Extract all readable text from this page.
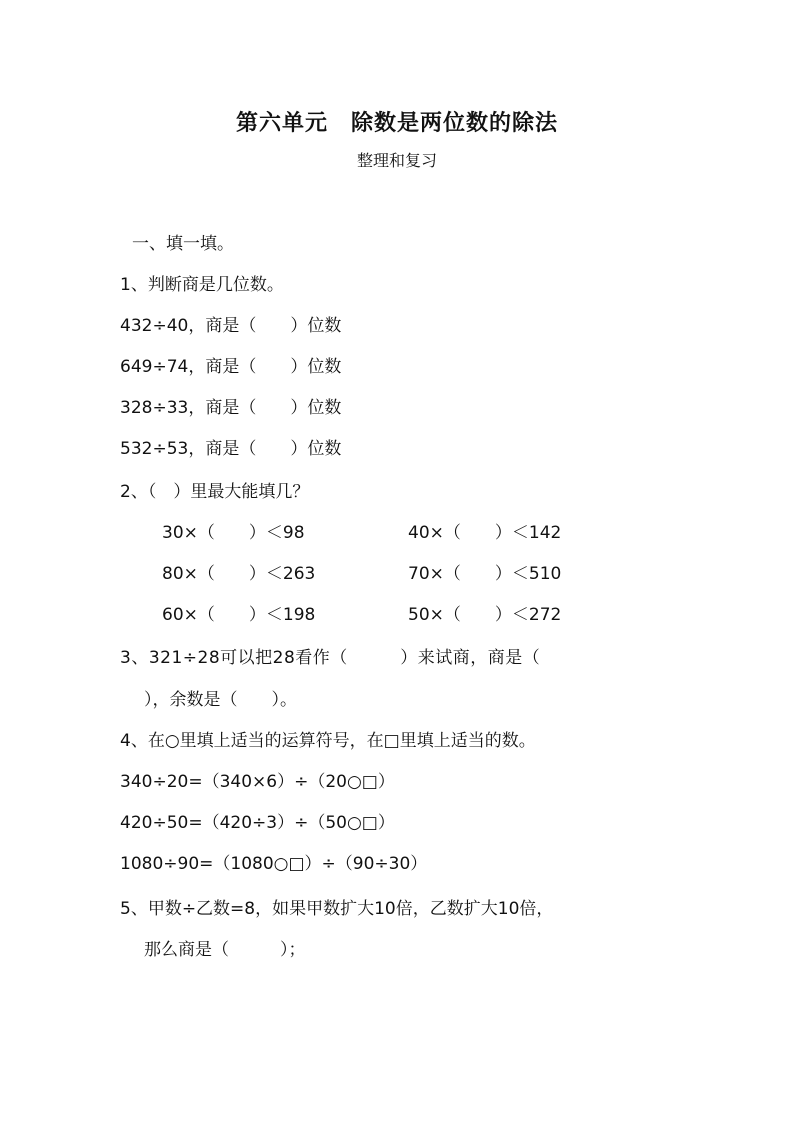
第六单元　除数是两位数的除法
整理和复习
一、填一填。
1、判断商是几位数。
432÷40，商是（　　）位数
649÷74，商是（　　）位数
328÷33，商是（　　）位数
532÷53，商是（　　）位数
2、（　）里最大能填几？
30×（　　）＜98	40×（　　）＜142
80×（　　）＜263	70×（　　）＜510
60×（　　）＜198	50×（　　）＜272
3、321÷28可以把28看作（　　　）来试商，商是（
），余数是（　　）。
4、在○里填上适当的运算符号，在□里填上适当的数。
340÷20=（340×6）÷（20○□）
420÷50=（420÷3）÷（50○□）
1080÷90=（1080○□）÷（90÷30）
5、甲数÷乙数=8，如果甲数扩大10倍，乙数扩大10倍，
那么商是（　　　）；
